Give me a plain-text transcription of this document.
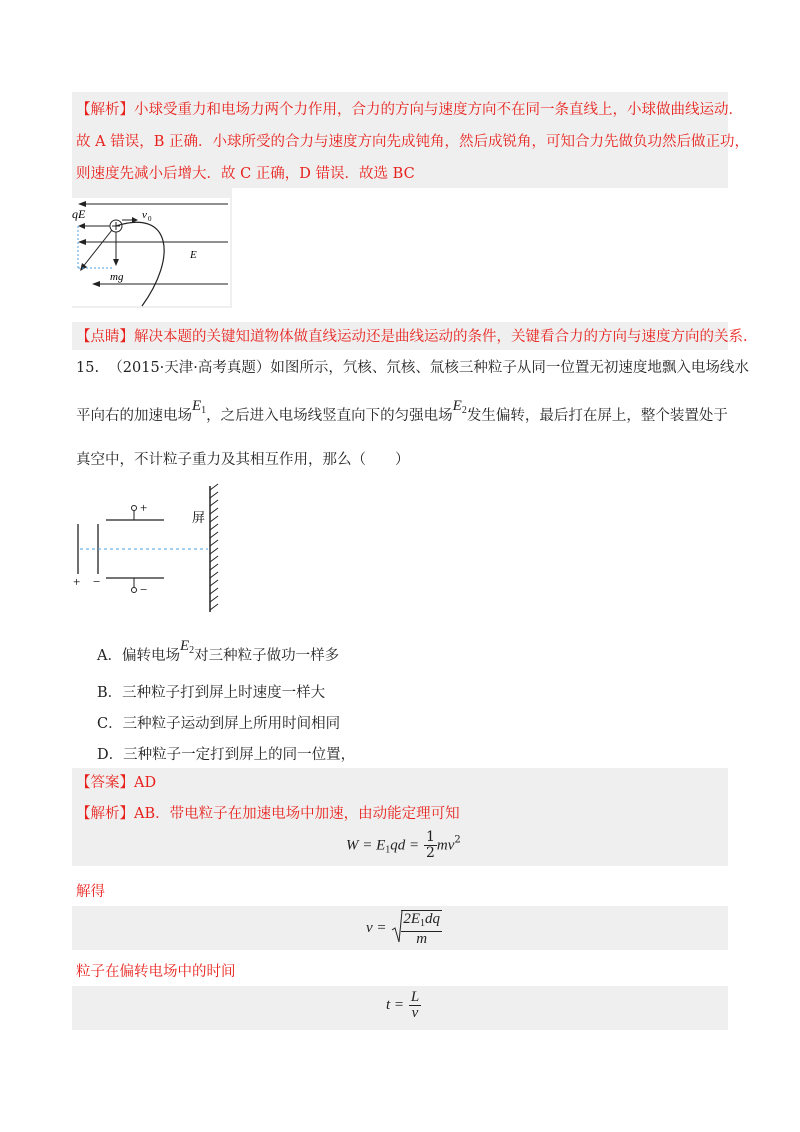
【解析】小球受重力和电场力两个力作用，合力的方向与速度方向不在同一条直线上，小球做曲线运动．
故 A 错误，B 正确．小球所受的合力与速度方向先成钝角，然后成锐角，可知合力先做负功然后做正功，
则速度先减小后增大．故 C 正确，D 错误．故选 BC
qE	v 0
E
mg
【点睛】解决本题的关键知道物体做直线运动还是曲线运动的条件，关键看合力的方向与速度方向的关系.
15. （2015·天津·高考真题）如图所示，氕核、氘核、氚核三种粒子从同一位置无初速度地飘入电场线水
平向右的加速电场$E_1$，之后进入电场线竖直向下的匀强电场$E_2$发生偏转，最后打在屏上，整个装置处于
真空中，不计粒子重力及其相互作用，那么（　　）
屏
+
−
+ −
A．偏转电场$E_2$对三种粒子做功一样多
B．三种粒子打到屏上时速度一样大
C．三种粒子运动到屏上所用时间相同
D．三种粒子一定打到屏上的同一位置，
【答案】AD
【解析】AB．带电粒子在加速电场中加速，由动能定理可知
$W = E_1qd = \frac{1}{2} mv^2$
解得
$v = \frac{2E_1dq}{m}$
粒子在偏转电场中的时间
$t = \frac{L}{v}$
